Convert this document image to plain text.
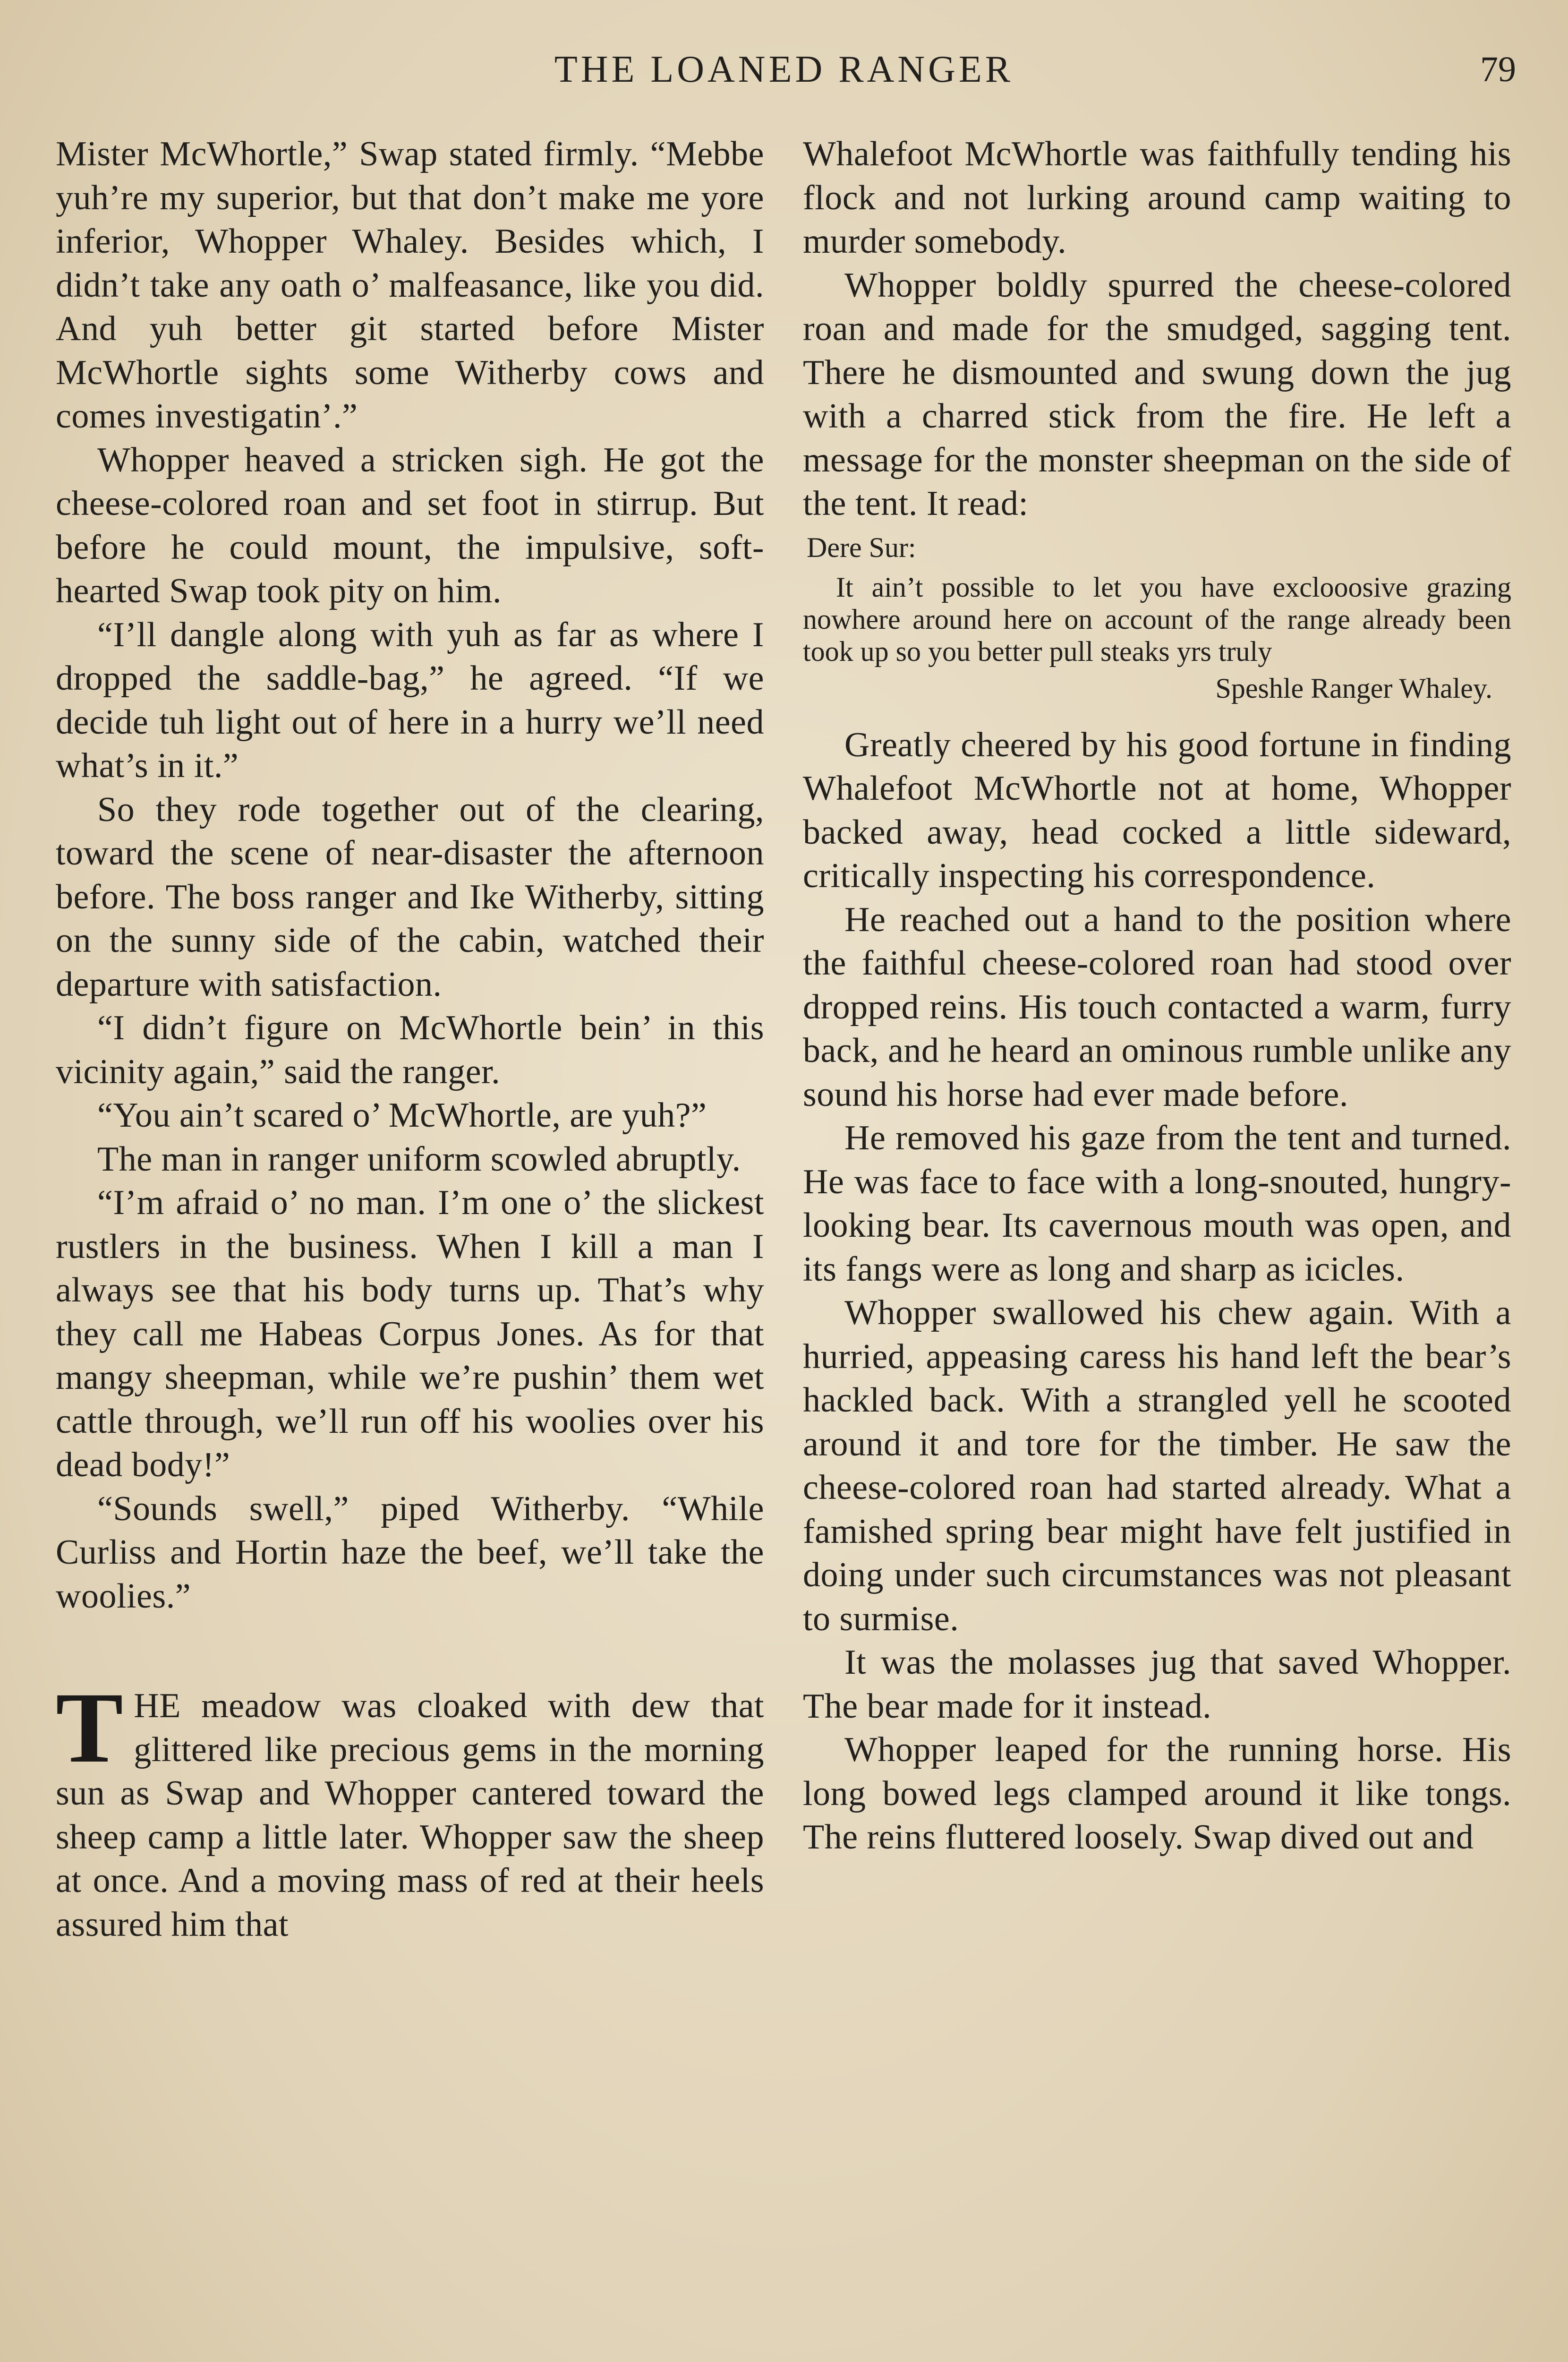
THE LOANED RANGER	79

Mister McWhortle,” Swap stated firmly. “Mebbe yuh’re my superior, but that don’t make me yore inferior, Whopper Whaley. Besides which, I didn’t take any oath o’ malfeasance, like you did. And yuh better git started before Mister McWhortle sights some Witherby cows and comes investigatin’.”

Whopper heaved a stricken sigh. He got the cheese-colored roan and set foot in stirrup. But before he could mount, the impulsive, soft-hearted Swap took pity on him.

“I’ll dangle along with yuh as far as where I dropped the saddle-bag,” he agreed. “If we decide tuh light out of here in a hurry we’ll need what’s in it.”

So they rode together out of the clearing, toward the scene of near-disaster the afternoon before. The boss ranger and Ike Witherby, sitting on the sunny side of the cabin, watched their departure with satisfaction.

“I didn’t figure on McWhortle bein’ in this vicinity again,” said the ranger.

“You ain’t scared o’ McWhortle, are yuh?”

The man in ranger uniform scowled abruptly.

“I’m afraid o’ no man. I’m one o’ the slickest rustlers in the business. When I kill a man I always see that his body turns up. That’s why they call me Habeas Corpus Jones. As for that mangy sheepman, while we’re pushin’ them wet cattle through, we’ll run off his woolies over his dead body!”

“Sounds swell,” piped Witherby. “While Curliss and Hortin haze the beef, we’ll take the woolies.”

THE meadow was cloaked with dew that glittered like precious gems in the morning sun as Swap and Whopper cantered toward the sheep camp a little later. Whopper saw the sheep at once. And a moving mass of red at their heels assured him that

Whalefoot McWhortle was faithfully tending his flock and not lurking around camp waiting to murder somebody.

Whopper boldly spurred the cheese-colored roan and made for the smudged, sagging tent. There he dismounted and swung down the jug with a charred stick from the fire. He left a message for the monster sheepman on the side of the tent. It read:

Dere Sur:

It ain’t possible to let you have exclooosive grazing nowhere around here on account of the range already been took up so you better pull steaks yrs truly

Speshle Ranger Whaley.

Greatly cheered by his good fortune in finding Whalefoot McWhortle not at home, Whopper backed away, head cocked a little sideward, critically inspecting his correspondence.

He reached out a hand to the position where the faithful cheese-colored roan had stood over dropped reins. His touch contacted a warm, furry back, and he heard an ominous rumble unlike any sound his horse had ever made before.

He removed his gaze from the tent and turned. He was face to face with a long-snouted, hungry-looking bear. Its cavernous mouth was open, and its fangs were as long and sharp as icicles.

Whopper swallowed his chew again. With a hurried, appeasing caress his hand left the bear’s hackled back. With a strangled yell he scooted around it and tore for the timber. He saw the cheese-colored roan had started already. What a famished spring bear might have felt justified in doing under such circumstances was not pleasant to surmise.

It was the molasses jug that saved Whopper. The bear made for it instead.

Whopper leaped for the running horse. His long bowed legs clamped around it like tongs. The reins fluttered loosely. Swap dived out and
